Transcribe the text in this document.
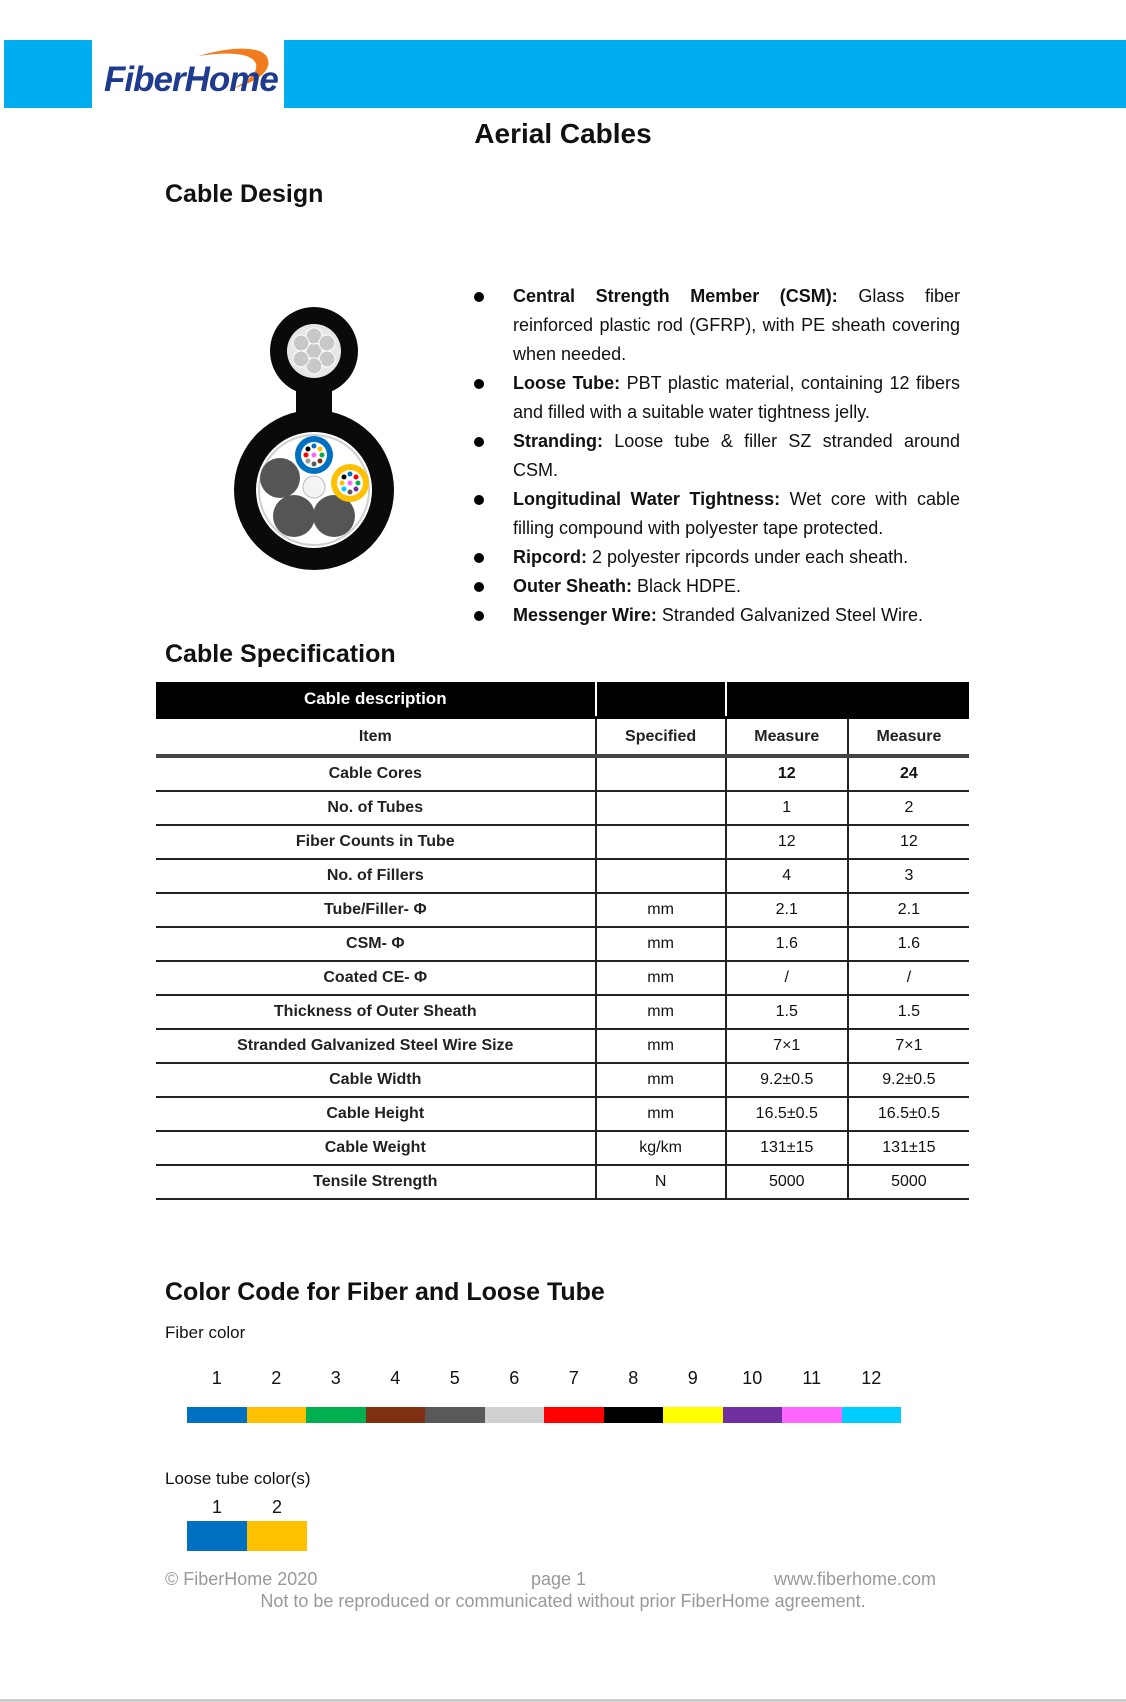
FiberHome
Aerial Cables
Cable Design
Central Strength Member (CSM): Glass fiber reinforced plastic rod (GFRP), with PE sheath covering when needed.
Loose Tube: PBT plastic material, containing 12 fibers and filled with a suitable water tightness jelly.
Stranding: Loose tube & filler SZ stranded around CSM.
Longitudinal Water Tightness: Wet core with cable filling compound with polyester tape protected.
Ripcord: 2 polyester ripcords under each sheath.
Outer Sheath: Black HDPE.
Messenger Wire: Stranded Galvanized Steel Wire.
Cable Specification
Cable description			
Item	Specified	Measure	Measure
Cable Cores		12	24
No. of Tubes		1	2
Fiber Counts in Tube		12	12
No. of Fillers		4	3
Tube/Filler- Φ	mm	2.1	2.1
CSM- Φ	mm	1.6	1.6
Coated CE- Φ	mm	/	/
Thickness of Outer Sheath	mm	1.5	1.5
Stranded Galvanized Steel Wire Size	mm	7×1	7×1
Cable Width	mm	9.2±0.5	9.2±0.5
Cable Height	mm	16.5±0.5	16.5±0.5
Cable Weight	kg/km	131±15	131±15
Tensile Strength	N	5000	5000
Color Code for Fiber and Loose Tube
Fiber color
1	2	3	4	5	6	7	8	9 10 11 12
Loose tube color(s)
1	2
© FiberHome 2020	page 1	www.fiberhome.com
Not to be reproduced or communicated without prior FiberHome agreement.
